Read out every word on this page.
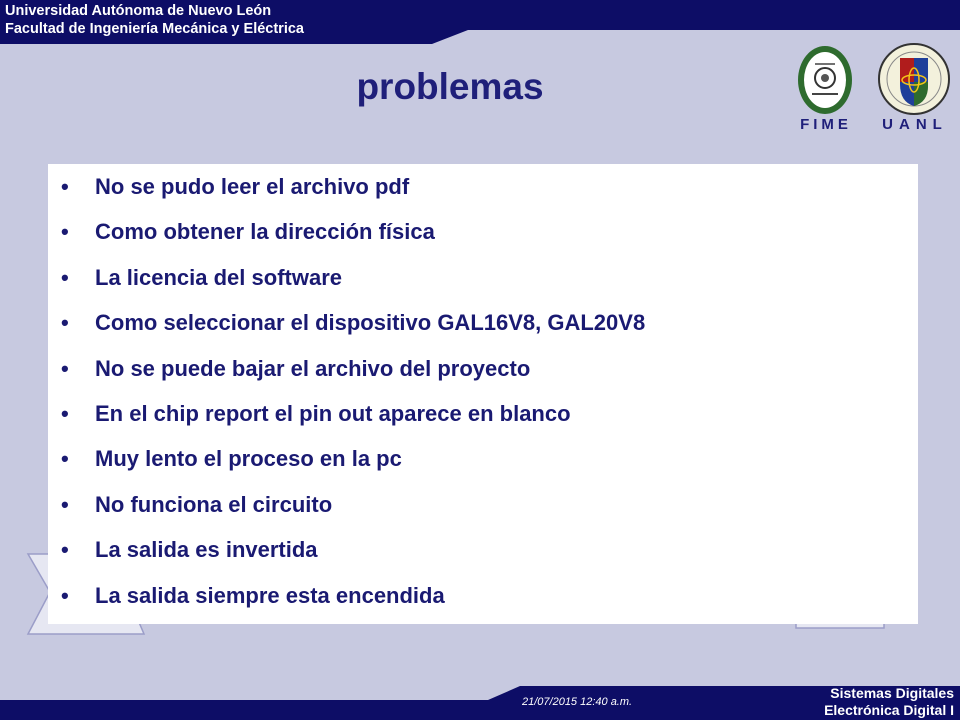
Universidad Autónoma de Nuevo León
Facultad de Ingeniería Mecánica y Eléctrica
problemas
FIME	UANL
• No se pudo leer el archivo pdf
• Como obtener la dirección física
• La licencia del software
• Como seleccionar el dispositivo GAL16V8, GAL20V8
• No se puede bajar el archivo del proyecto
• En el chip report el pin out aparece en blanco
• Muy lento el proceso en la pc
• No funciona el circuito
• La salida es invertida
• La salida siempre esta encendida
21/07/2015 12:40 a.m.
Sistemas Digitales
Electrónica Digital I
